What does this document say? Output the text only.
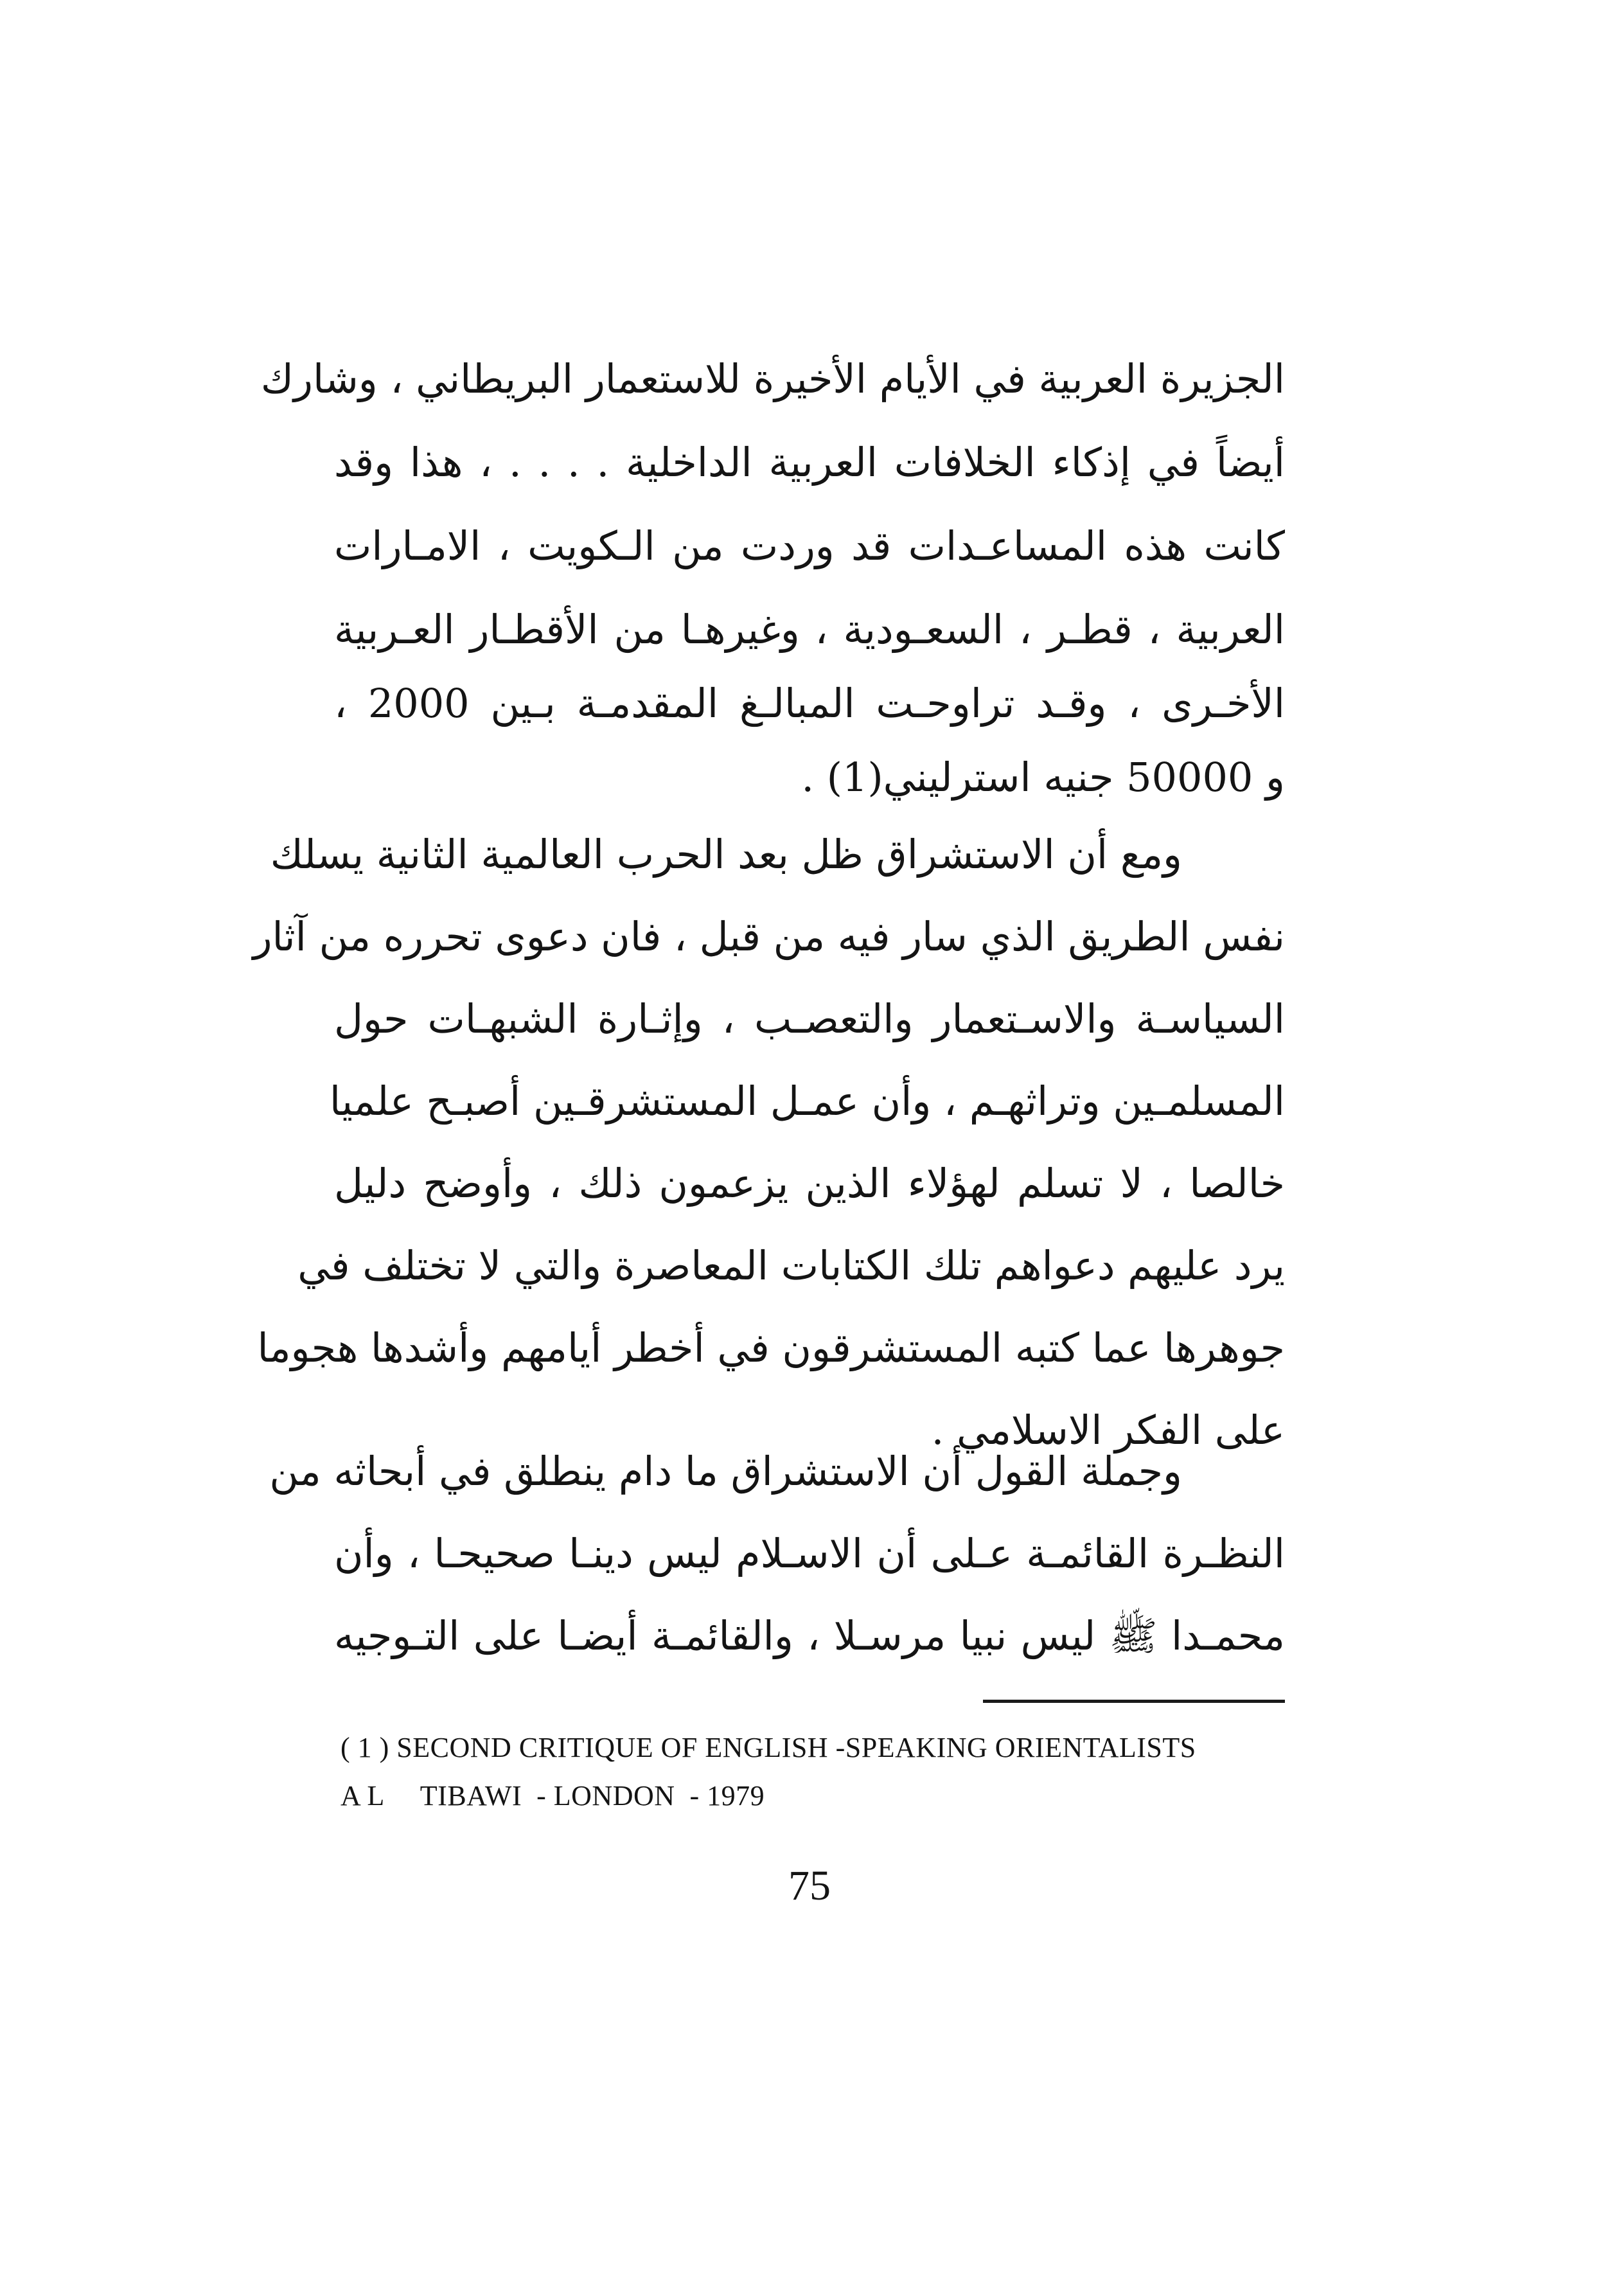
الجزيرة العربية في الأيام الأخيرة للاستعمار البريطاني ، وشارك
أيضاً في إذكاء الخلافات العربية الداخلية . . . . ، هذا وقد
كانت هذه المساعـدات قد وردت من الـكويت ، الامـارات
العربية ، قطـر ، السعـودية ، وغيرهـا من الأقطـار العـربية
الأخـرى ، وقـد تراوحـت المبالـغ المقدمـة بـين 2000 ،
و 50000 جنيه استرليني(1) .
ومع أن الاستشراق ظل بعد الحرب العالمية الثانية يسلك
نفس الطريق الذي سار فيه من قبل ، فان دعوى تحرره من آثار
السياسـة والاسـتعمار والتعصـب ، وإثـارة الشبهـات حول
المسلمـين وتراثهـم ، وأن عمـل المستشرقـين أصبـح علميا
خالصا ، لا تسلم لهؤلاء الذين يزعمون ذلك ، وأوضح دليل
يرد عليهم دعواهم تلك الكتابات المعاصرة والتي لا تختلف في
جوهرها عما كتبه المستشرقون في أخطر أيامهم وأشدها هجوما
على الفكر الاسلامي .
وجملة القول أن الاستشراق ما دام ينطلق في أبحاثه من
النظـرة القائمـة عـلى أن الاسـلام ليس دينـا صحيحـا ، وأن
محمـدا ﷺ ليس نبيا مرسـلا ، والقائمـة أيضـا على التـوجيه
( 1 ) SECOND CRITIQUE OF ENGLISH -SPEAKING ORIENTALISTS
A L     TIBAWI  - LONDON  - 1979
75
